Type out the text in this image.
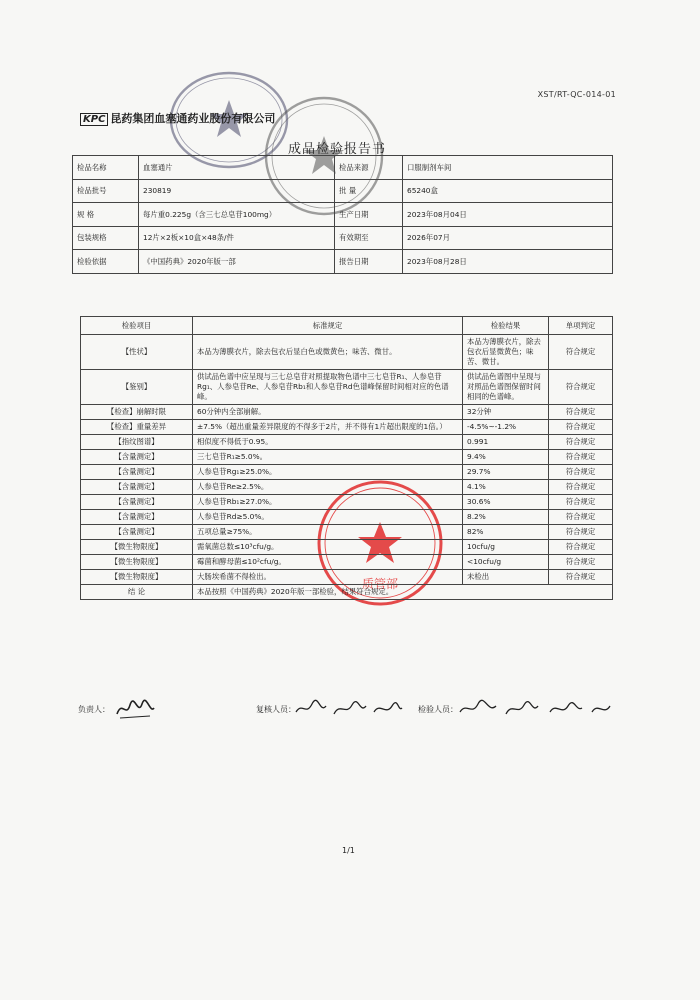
质管部
XST/RT-QC-014-01
KPC 昆药集团血塞通药业股份有限公司
成品检验报告书
检品名称	血塞通片	检品来源	口服制剂车间
检品批号	230819	批 量	65240盒
规 格	每片重0.225g（含三七总皂苷100mg）	生产日期	2023年08月04日
包装规格	12片×2板×10盒×48条/件	有效期至	2026年07月
检验依据	《中国药典》2020年版一部	报告日期	2023年08月28日
检验项目	标准规定	检验结果	单项判定
【性状】	本品为薄膜衣片，除去包衣后显白色或微黄色；味苦、微甘。	本品为薄膜衣片，除去包衣后显微黄色；味苦、微甘。	符合规定
【鉴别】	供试品色谱中应呈现与三七总皂苷对照提取物色谱中三七皂苷R₁、人参皂苷Rg₁、人参皂苷Re、人参皂苷Rb₁和人参皂苷Rd色谱峰保留时间相对应的色谱峰。	供试品色谱图中呈现与对照品色谱图保留时间相同的色谱峰。	符合规定
【检查】崩解时限	60分钟内全部崩解。	32分钟	符合规定
【检查】重量差异	±7.5%（超出重量差异限度的不得多于2片，并不得有1片超出限度的1倍。）	-4.5%~-1.2%	符合规定
【指纹图谱】	相似度不得低于0.95。	0.991	符合规定
【含量测定】	三七皂苷R₁≥5.0%。	9.4%	符合规定
【含量测定】	人参皂苷Rg₁≥25.0%。	29.7%	符合规定
【含量测定】	人参皂苷Re≥2.5%。	4.1%	符合规定
【含量测定】	人参皂苷Rb₁≥27.0%。	30.6%	符合规定
【含量测定】	人参皂苷Rd≥5.0%。	8.2%	符合规定
【含量测定】	五项总量≥75%。	82%	符合规定
【微生物限度】	需氧菌总数≤10³cfu/g。	10cfu/g	符合规定
【微生物限度】	霉菌和酵母菌≤10²cfu/g。	<10cfu/g	符合规定
【微生物限度】	大肠埃希菌不得检出。	未检出	符合规定
结 论	本品按照《中国药典》2020年版一部检验，结果符合规定。		
负责人：	复核人员：	检验人员：
1/1
